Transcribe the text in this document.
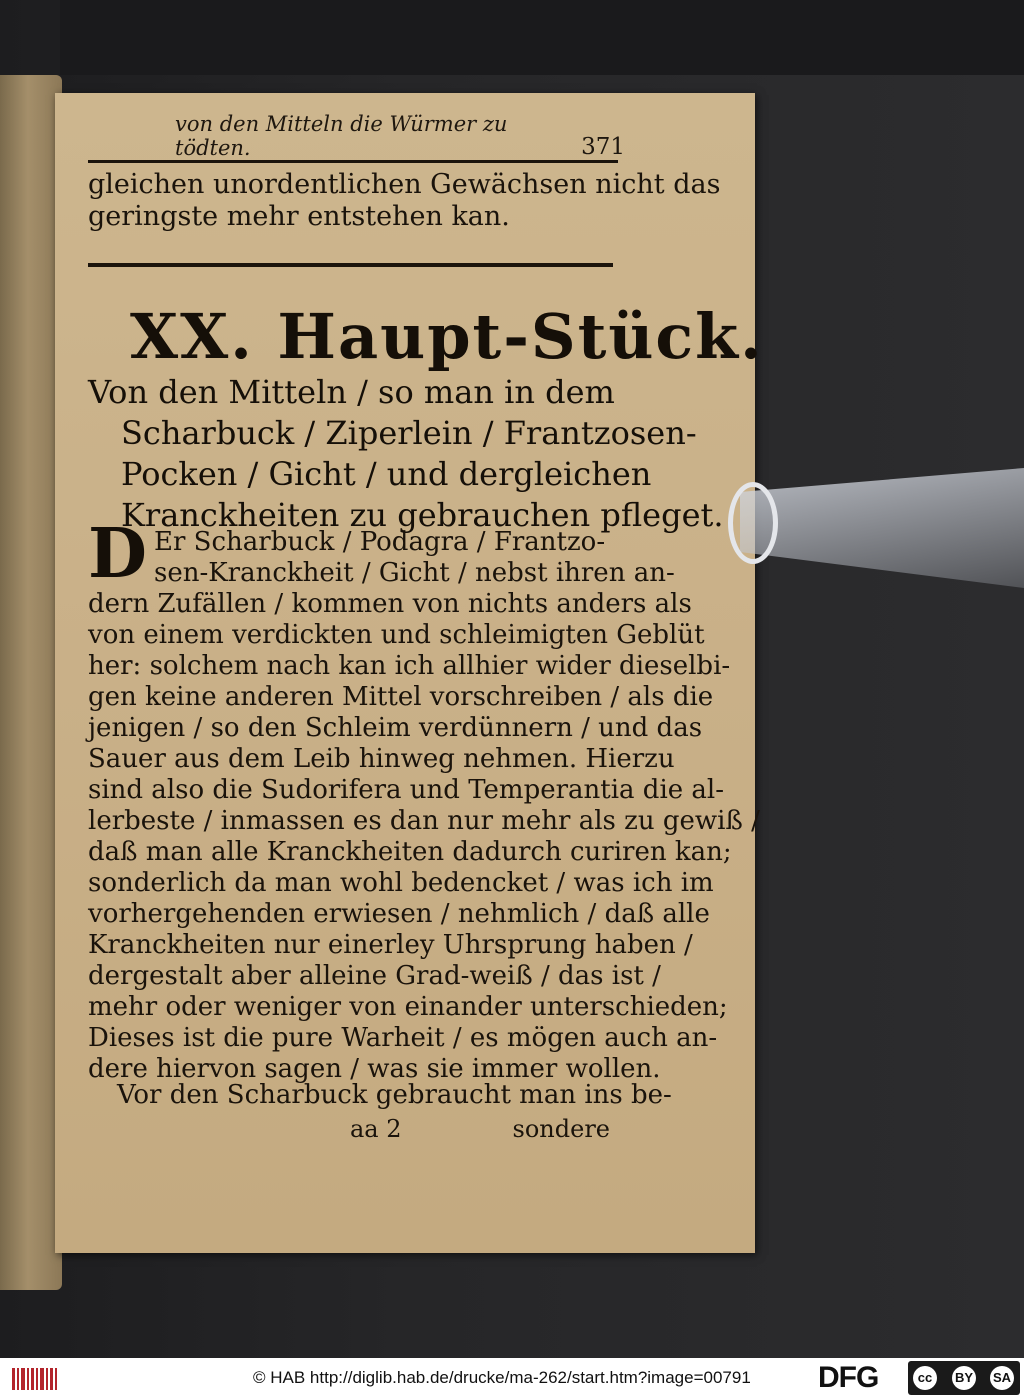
von den Mitteln die Würmer zu tödten.	371

gleichen unordentlichen Gewächsen nicht das

geringste mehr entstehen kan.

XX. Haupt-Stück.
Von den Mitteln / so man in dem
Scharbuck / Ziperlein / Frantzosen-
Pocken / Gicht / und dergleichen
Kranckheiten zu gebrauchen pfleget.
D Er Scharbuck / Podagra / Frantzo-
sen-Kranckheit / Gicht / nebst ihren an-
dern Zufällen / kommen von nichts anders als
von einem verdickten und schleimigten Geblüt
her: solchem nach kan ich allhier wider dieselbi-
gen keine anderen Mittel vorschreiben / als die
jenigen / so den Schleim verdünnern / und das
Sauer aus dem Leib hinweg nehmen. Hierzu
sind also die Sudorifera und Temperantia die al-
lerbeste / inmassen es dan nur mehr als zu gewiß /
daß man alle Kranckheiten dadurch curiren kan;
sonderlich da man wohl bedencket / was ich im
vorhergehenden erwiesen / nehmlich / daß alle
Kranckheiten nur einerley Uhrsprung haben /
dergestalt aber alleine Grad-weiß / das ist /
mehr oder weniger von einander unterschieden;
Dieses ist die pure Warheit / es mögen auch an-
dere hiervon sagen / was sie immer wollen.
Vor den Scharbuck gebraucht man ins be-
aa 2	sondere
© HAB http://diglib.hab.de/drucke/ma-262/start.htm?image=00791 DFG	cc	BY SA
